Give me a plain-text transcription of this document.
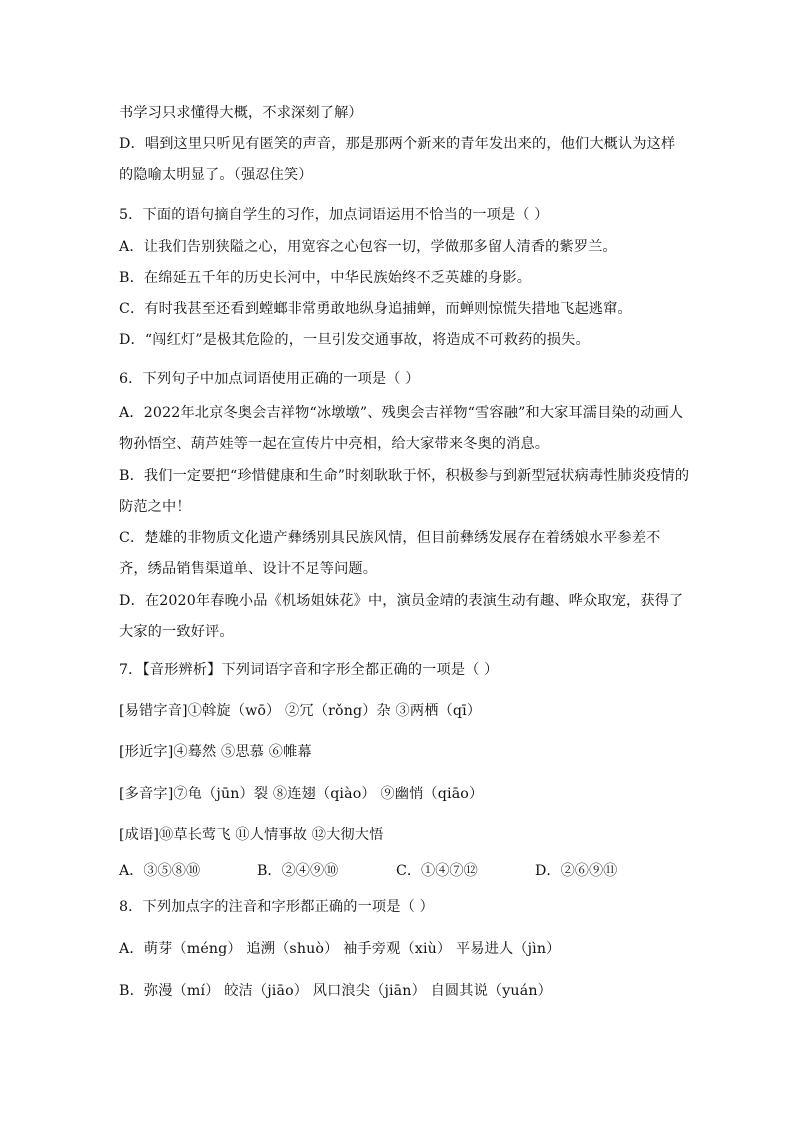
书学习只求懂得大概，不求深刻了解）
D．唱到这里只听见有匿笑的声音，那是那两个新来的青年发出来的，他们大概认为这样
的隐喻太明显了。（强忍住笑）
5．下面的语句摘自学生的习作，加点词语运用不恰当的一项是（ ）
A．让我们告别狭隘之心，用宽容之心包容一切，学做那多留人清香的紫罗兰。
B．在绵延五千年的历史长河中，中华民族始终不乏英雄的身影。
C．有时我甚至还看到螳螂非常勇敢地纵身追捕蝉，而蝉则惊慌失措地飞起逃窜。
D．“闯红灯”是极其危险的，一旦引发交通事故，将造成不可救药的损失。
6．下列句子中加点词语使用正确的一项是（ ）
A．2022年北京冬奥会吉祥物“冰墩墩”、残奥会吉祥物“雪容融”和大家耳濡目染的动画人
物孙悟空、葫芦娃等一起在宣传片中亮相，给大家带来冬奥的消息。
B．我们一定要把“珍惜健康和生命”时刻耿耿于怀，积极参与到新型冠状病毒性肺炎疫情的
防范之中！
C．楚雄的非物质文化遗产彝绣别具民族风情，但目前彝绣发展存在着绣娘水平参差不
齐，绣品销售渠道单、设计不足等问题。
D．在2020年春晚小品《机场姐妹花》中，演员金靖的表演生动有趣、哗众取宠，获得了
大家的一致好评。
7．【音形辨析】下列词语字音和字形全都正确的一项是（ ）
[易错字音]①斡旋（wō） ②冗（rǒng）杂 ③两栖（qī）
[形近字]④蓦然 ⑤思慕 ⑥帷幕
[多音字]⑦龟（jūn）裂 ⑧连翅（qiào） ⑨幽悄（qiāo）
[成语]⑩草长莺飞 ⑪人情事故 ⑫大彻大悟
A．③⑤⑧⑩	B．②④⑨⑩	C．①④⑦⑫	D．②⑥⑨⑪
8．下列加点字的注音和字形都正确的一项是（ ）
A．萌芽（méng） 追溯（shuò） 袖手旁观（xiù） 平易进人（jìn）
B．弥漫（mí） 皎洁（jiāo） 风口浪尖（jiān） 自圆其说（yuán）
